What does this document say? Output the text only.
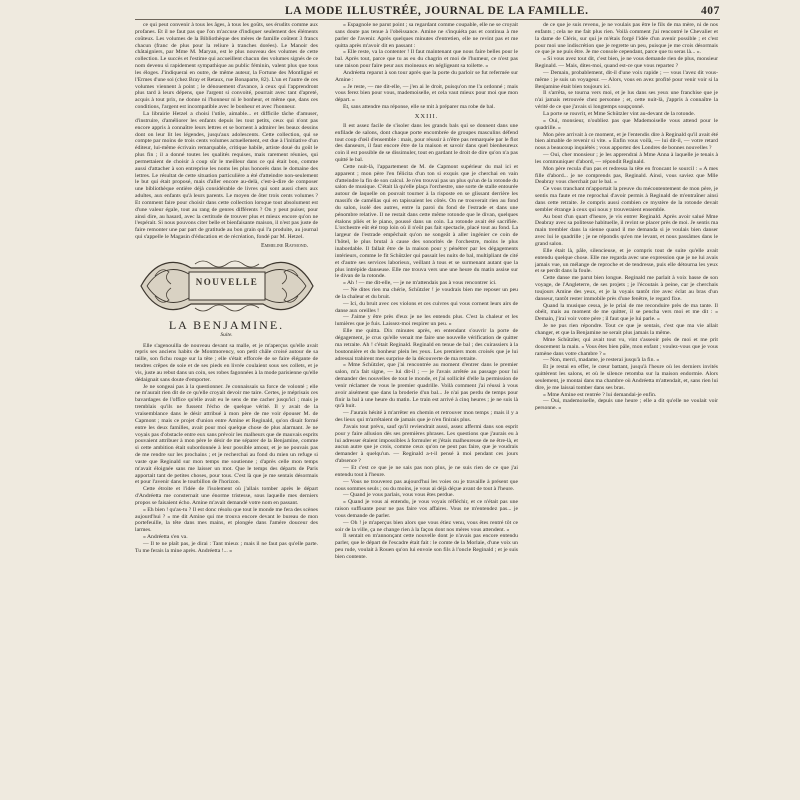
LA MODE ILLUSTRÉE, JOURNAL DE LA FAMILLE.	407

ce qui peut convenir à tous les âges, à tous les goûts, ses érudits comme aux profanes. Et il ne faut pas que l'on m'accuse d'indiquer seulement des éléments coûteux. Les volumes de la Bibliothèque des mères de famille coûtent 3 francs chacun (franc de plus pour la reliure à tranches dorées). Le Manoir des châtaigniers, par Mme M. Maryan, est le plus nouveau des volumes de cette collection. Le succès et l'estime qui accueillent chacun des volumes signés de ce nom devenu si rapidement sympathique au public féminin, valent plus que tous les éloges. J'indiquerai en outre, de même auteur, la Fortune des Montligné et l'Ermes d'une soi (chez Bray et Retaux, rue Bonaparte, 82). L'un et l'autre de ces volumes viennent à point ; le dénouement d'avance, à ceux qui l'apprendront plus tard à leurs dépens, que l'argent si convoité, pourrait avec tant d'apreté, acquis à tout prix, ne donne ni l'honneur ni le bonheur, et même que, dans ces conditions, l'argent est incompatible avec le bonheur et avec l'honneur.

La librairie Hetzel a choisi l'utile, aimable... et difficile tâche d'amuser, d'instruire, d'améliorer les enfants depuis les tout petits, ceux qui n'ont pas encore appris à connaître leurs lettres et se bornent à admirer les beaux dessins dont on leur lit les légendes, jusqu'aux adolescents. Cette collection, qui se compte par moins de trois cents volumes actuellement, est due à l'initiative d'un éditeur, lui-même écrivain remarquable, critique habile, artiste doué du goût le plus fin ; il a donné toutes les qualités requises, mais rarement réunies, qui permettaient de choisir à coup sûr le meilleur dans ce qui était bon, comme aussi d'attacher à son entreprise les noms les plus honorés dans le domaine des lettres. Le résultat de cette situation particulière a été d'atteindre non-seulement le but qui était proposé, mais d'aller encore au-delà, c'est-à-dire de composer une bibliothèque entière déjà considérable de livres qui sont aussi chers aux adultes, aux enfants qu'à leurs parents. Le moyen de ôter trois cents volumes ? Et comment faire pour choisir dans cette collection lorsque tout absolument est d'une valeur égale, tout au rang de genres différents ? On y peut puiser, pour ainsi dire, au hasard, avec la certitude de trouver plus et mieux encore qu'on ne l'espérait. Si nous pouvons citer belle et bienfaisante maison, il n'est pas juste de faire remonter une par part de gratitude au bon grain qui l'a produite, au journal qui s'appelle le Magasin d'éducation et de récréation, fondé par M. Hetzel.

Emmeline Raymond.
NOUVELLE
LA BENJAMINE.
Suite.

Elle s'agenouilla de nouveau devant sa malle, et je m'aperçus qu'elle avait repris ses anciens habits de Montmorency, son petit châle croisé autour de sa taille, son fichu rouge sur la tête ; elle s'était efforcée de se faire élégante de tendres crêpes de soie et de ses pieds en livrée coulaient sous ses collets, et je vis, juste au rebut dans un coin, ses robes fagonnées à la mode parisienne qu'elle dédaignait sans doute d'emporter.

Je ne songeai pas à la questionner. Je connaissais sa force de volonté ; elle ne m'aurait rien dit de ce qu'elle croyait devoir me taire. Certes, je méprisais ces bavardages de l'office qu'elle avait eu le sens de me cacher jusqu'ici ; mais je tremblais qu'ils ne fussent l'écho de quelque vérité. Il y avait de la vraisemblance dans le désir attribué à mon père de me voir épouser M. de Capmont ; mais ce projet d'union entre Amine et Reginald, qu'on disait formé entre les deux familles, avait pour moi quelque chose de plus alarmant. Je ne voyais pas d'obstacle entre eux sans prévoir les malheurs que de mauvais esprits pouvaient attribuer à mon père le désir de me séparer de la Benjamine, comme si cette ambition était subordonnée à leur possible amour, et je ne pouvais pas de me rendre sur les prochains ; et je recherchai au fond du mien un refuge si vaste que Reginald sur mon temps me soutienne ; d'après celle mon temps m'avait éloignée sans me laisser un mot. Que le temps des départs de Paris apportait tant de petites choses, pour tous. C'est là que je me sentais désormais et pour l'avenir dans le tourbillon de l'horizon.

Cette étroite et l'idée de l'isolement où j'allais tomber après le départ d'Andréetta me consternait une énorme tristesse, sous laquelle mes derniers propos se faisaient écho. Amine m'avait demandé votre nom en passant.

« Eh bien ! qu'as-tu ? Il est donc résolu que tout le monde me fera des scènes aujourd'hui ? » me dit Amine qui me trouva encore devant le bureau de mon portefeuille, la tête dans mes mains, et plongée dans l'amère douceur des larmes.

« Andréetta s'en va.

— Il te ne plaît pas, je dirai : Tant mieux ; mais il ne faut pas qu'elle parte. Tu me ferais la mine après. Andréetta !... »

« Espagnole ne parut point ; sa regardant comme coupable, elle ne se croyait sans doute pas tenue à l'obéissance. Amine ne s'inquiéta pas et continua à me parler de l'avenir. Après quelques minutes d'entretien, elle ne revint pas et me quitta après m'avoir dit en passant :

« Elle reste, va la contenter ! Il faut maintenant que nous faire belles pour le bal. Après tout, parce que tu as eu du chagrin et moi de l'humeur, ce n'est pas une raison pour faire peur aux moineaux en négligeant sa toilette. »

Andréetta reparut à son tour après que la porte du parloir se fut refermée sur Amine :

« Je reste, — me dit-elle, — j'en ai le droit, puisqu'on me l'a ordonné ; mais vous ferez bien pour vous, mademoiselle, et cela vaut mieux pour moi que mon départ. »

Et, sans attendre ma réponse, elle se mit à préparer ma robe de bal.

XXIII.

Il est assez facile de s'isoler dans les grands bals qui se donnent dans une enfilade de salons, dont chaque porte encombrée de groupes masculins défend tout coup d'œil d'ensemble : mais, pour réussir à n'être pas remarquée par le flot des danseurs, il faut encore être de la maison et savoir dans quel bienheureux coin il est possible de se dissimuler, tout en gardant le droit de dire qu'on n'a pas quitté le bal.

Cette nuit-là, l'appartement de M. de Capmont supérieur du mal ici et apparent ; mon père l'en félicita d'un ton si exquis que je cherchai en vain d'atteindre la fin de son calcul. Je n'en trouvai pas un plus qu'un de la rotonde du salon de musique. C'était là qu'elle plaça l'orchestre, une sorte de stalle entourée autour de laquelle on pouvait tourner à la risposte en se glissant derrière les massifs de camélias qui en tapissaient les côtés. On ne trouverait rien au fond du salon, isolé des autres, entre la paroi du fond de l'estrade et dans une pénombre relative. Il ne restait dans cette même rotonde que le divan, quelques étalons pliés et le piano, poussé dans un coin. La rotonde avait été sacrifiée. L'orchestre eût été trop loin où il n'eût pas fait spectacle, placé tout au fond. La largeur de l'estrade empêchait qu'on ne songeât à aller ingénier ce coin de l'hôtel, le plus brutal à cause des sonorités de l'orchestre, moins le plus inabordable. Il fallait être de la maison pour y pénétrer par les dégagements intérieurs, comme le fit Schützler qui passait les nuits de bal, multipliant de cité et d'autre ses services laborieux, veillant à tous et se surmenant autant que la plus intrépide danseuse. Elle me trouva vers une une heure du matin assise sur le divan de la rotonde.

« Ah ! — me dit-elle, — je ne m'attendais pas à vous rencontrer ici.

— Ne dites rien ma chérie, Schützler ! je voudrais bien me reposer un peu de la chaleur et du bruit.

— Ici, du bruit avec ces violons et ces cuivres qui vous cornent leurs airs de danse aux oreilles !

— J'aime y être près d'eux je ne les entends plus. C'est la chaleur et les lumières que je fuis. Laissez-moi respirer un peu. »

Elle me quitta. Dix minutes après, en entendant s'ouvrir la porte de dégagement, je crus qu'elle venait me faire une nouvelle vérification de quitter ma retraite. Ah ! c'était Reginald. Reginald en tenue de bal ; des cuirassiers à la boutonnière et du bonheur plein les yeux. Les premiers mots croisés que je lui adressai trahirent mes surprise de la découverte de ma retraite.

« Mme Schützler, que j'ai rencontrée au moment d'entrer dans le premier salon, m'a fait signe, — lui dit-il ; — je l'avais arrêtée au passage pour lui demander des nouvelles de tout le monde, et j'ai sollicité d'elle la permission de venir réclamer de vous le premier quadrille. Voilà comment j'ai réussi à vous avoir aisément que dans la broderie d'un bal... Je n'ai pas perdu de temps pour finir la bal à une heure du matin. Le train est arrivé à cinq heures ; je ne suis là qu'à huit.

— J'aurais hésité à m'arrêter en chemin et retrouver mon temps ; mais il y a des lieux qui m'arrêtaient de jamais que je n'en finirais plus.

J'avais tout prévu, sauf qu'il reviendrait aussi, assez affermi dans son esprit pour y faire allusion dès ses premières phrases. Les questions que j'aurais eu à lui adresser étaient impossibles à formuler et j'étais malheureuse de ne être-là, et aucun autre que je crois, comme ceux qu'on ne peut pas faire, que je voudrais demander à quelqu'un. — Reginald a-t-il pensé à moi pendant ces jours d'absence ?

— Et c'est ce que je ne sais pas non plus, je ne suis rien de ce que j'ai entendu tout à l'heure.

— Vous ne trouverez pas aujourd'hui les voies ou je travaille à présent que nous sommes seuls ; ou du moins, je vous ai déjà déçue avant de tout à l'heure.

— Quand je vous parlais, vous vous êtes perdue.

« Quand je vous ai entendu, je vous voyais réfléchir, et ce n'était pas une raison suffisante pour ne pas faire vos affaires. Vous ne m'entendez pas... je vous demande de parler.

— Oh ! je m'aperçus bien alors que vous étiez venu, vous êtes rentré tôt ce soir de la ville, ça ne change rien à la façon dont nos mères vous attendent. »

Il sentait en m'annonçant cette nouvelle dont je n'avais pas encore entendu parler, que le départ de l'escadre était fait : le comte de la Morlaie, d'une voix un peu rude, voulait à Rouen qu'on lui envoie son fils à l'oncle Reginald ; et je suis bien contente.

de ce que je suis revenu, je ne voulais pas être le fils de ma mère, ni de nos enfants ; cela ne me fait plus rien. Voilà comment j'ai rencontré le Chevalier et la dame de Cléris, sur qui je m'étais forgé l'idée d'un avenir possible ; et c'est pour moi une indiscrétion que je regrette un peu, puisque je me crois désormais ce que je ne puis être. Je me console cependant, parce que tu seras là... ».

« Si vous avez tout dit, c'est bien, je ne vous demande rien de plus, monsieur Reginald. — Mais, dites-moi, quand est-ce que vous repartez ?

— Demain, probablement, dit-il d'une voix rapide ; — vous l'avez dit vous-même : je suis un voyageur. — Alors, vous en avez profité pour venir voir si la Benjamine était bien toujours ici.

Il s'arrêta, se tourna vers moi, et je lus dans ses yeux une franchise que je n'ai jamais retrouvée chez personne ; et, cette nuit-là, j'appris à connaître la vérité de ce que j'avais si longtemps soupçonné.

La porte se rouvrit, et Mme Schützler vint au-devant de la rotonde.

« Oui, monsieur, n'oubliez pas que Mademoiselle vous attend pour le quadrille. »

Mon père arrivait à ce moment, et je l'entendis dire à Reginald qu'il avait été bien aimable de revenir si vite. « Enfin vous voilà, — lui dit-il, — votre retard nous a beaucoup inquiétés ; vous apportez des Londres de bonnes nouvelles ?

— Oui, cher monsieur ; je les apprendrai à Mme Anna à laquelle je tenais à les communiquer d'abord, — répondit Reginald.

Mon père recula d'un pas et redressa la tête en froncant le sourcil : « A mes fille d'abord... je ne comprends pas, Reginald. Ainsi, vous saviez que Mlle Deabray vous cherchait par le bal. »

Ce vous tranchant m'apportait la preuve du mécontentement de mon père, je sentis ma faute et me reprochai d'avoir permis à Reginald de m'entraîner ainsi dans cette retraite. Je compris aussi combien ce mystère de la rotonde devait sembler étrange à ceux qui nous y trouveraient ensemble.

Au bout d'un quart d'heure, je vis entrer Reginald. Après avoir salué Mme Deabray avec sa politesse habituelle, il revint se placer près de moi. Je sentis ma main trembler dans la sienne quand il me demanda si je voulais bien danser avec lui le quadrille ; je ne répondis qu'en me levant, et nous passâmes dans le grand salon.

Elle était là, pâle, silencieuse, et je compris tout de suite qu'elle avait entendu quelque chose. Elle me regarda avec une expression que je ne lui avais jamais vue, un mélange de reproche et de tendresse, puis elle détourna les yeux et se perdit dans la foule.

Cette danse me parut bien longue. Reginald me parlait à voix basse de son voyage, de l'Angleterre, de ses projets ; je l'écoutais à peine, car je cherchais toujours Amine des yeux, et je la voyais tantôt rire avec éclat au bras d'un danseur, tantôt rester immobile près d'une fenêtre, le regard fixe.

Quand la musique cessa, je le priai de me reconduire près de ma tante. Il obéit, mais au moment de me quitter, il se pencha vers moi et me dit : « Demain, j'irai voir votre père ; il faut que je lui parle. »

Je ne pus rien répondre. Tout ce que je sentais, c'est que ma vie allait changer, et que la Benjamine ne serait plus jamais la même.

Mme Schützler, qui avait tout vu, vint s'asseoir près de moi et me prit doucement la main. « Vous êtes bien pâle, mon enfant ; voulez-vous que je vous ramène dans votre chambre ? »

— Non, merci, madame, je resterai jusqu'à la fin. »

Et je restai en effet, le cœur battant, jusqu'à l'heure où les derniers invités quittèrent les salons, et où le silence retomba sur la maison endormie. Alors seulement, je montai dans ma chambre où Andréetta m'attendait, et, sans rien lui dire, je me laissai tomber dans ses bras.

« Mme Amine est rentrée ? lui demandai-je enfin.

— Oui, mademoiselle, depuis une heure ; elle a dit qu'elle ne voulait voir personne. »
